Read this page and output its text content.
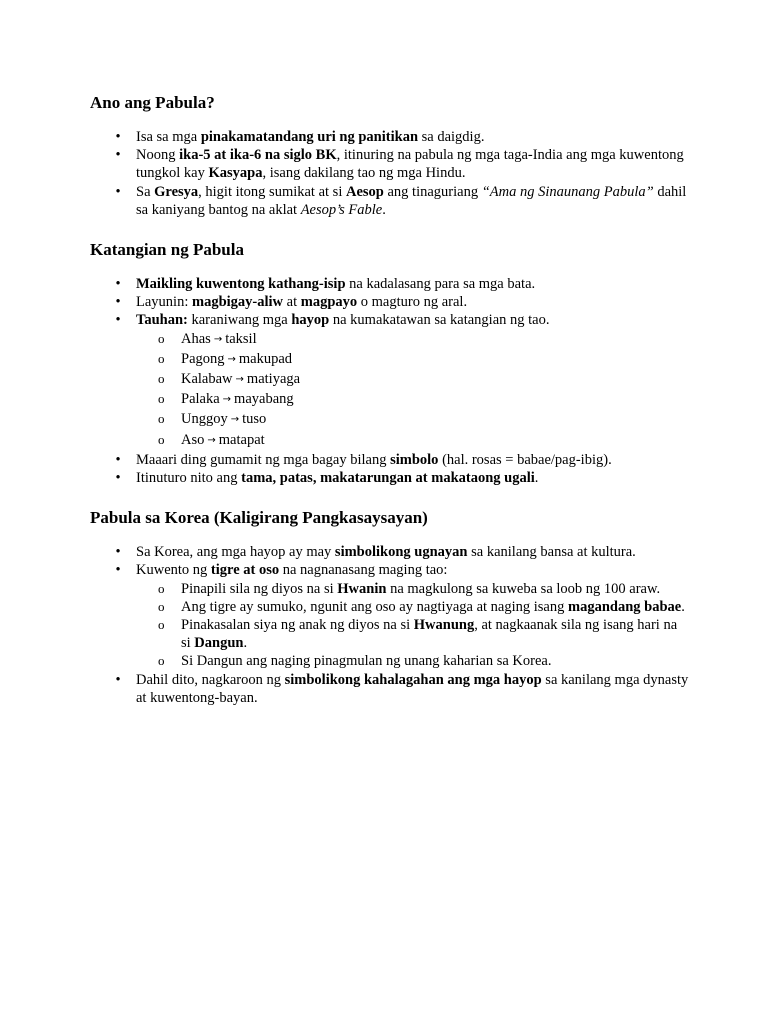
Ano ang Pabula?
• Isa sa mga pinakamatandang uri ng panitikan sa daigdig.
• Noong ika-5 at ika-6 na siglo BK, itinuring na pabula ng mga taga-India ang mga kuwentong tungkol kay Kasyapa, isang dakilang tao ng mga Hindu.
• Sa Gresya, higit itong sumikat at si Aesop ang tinaguriang “Ama ng Sinaunang Pabula” dahil sa kaniyang bantog na aklat Aesop’s Fable.
Katangian ng Pabula
• Maikling kuwentong kathang-isip na kadalasang para sa mga bata.
• Layunin: magbigay-aliw at magpayo o magturo ng aral.
• Tauhan: karaniwang mga hayop na kumakatawan sa katangian ng tao.
o Ahas → taksil
o Pagong → makupad
o Kalabaw → matiyaga
o Palaka → mayabang
o Unggoy → tuso
o Aso → matapat
• Maaari ding gumamit ng mga bagay bilang simbolo (hal. rosas = babae/pag-ibig).
• Itinuturo nito ang tama, patas, makatarungan at makataong ugali.
Pabula sa Korea (Kaligirang Pangkasaysayan)
• Sa Korea, ang mga hayop ay may simbolikong ugnayan sa kanilang bansa at kultura.
• Kuwento ng tigre at oso na nagnanasang maging tao:
o Pinapili sila ng diyos na si Hwanin na magkulong sa kuweba sa loob ng 100 araw.
o Ang tigre ay sumuko, ngunit ang oso ay nagtiyaga at naging isang magandang babae.
o Pinakasalan siya ng anak ng diyos na si Hwanung, at nagkaanak sila ng isang hari na si Dangun.
o Si Dangun ang naging pinagmulan ng unang kaharian sa Korea.
• Dahil dito, nagkaroon ng simbolikong kahalagahan ang mga hayop sa kanilang mga dynasty at kuwentong-bayan.
